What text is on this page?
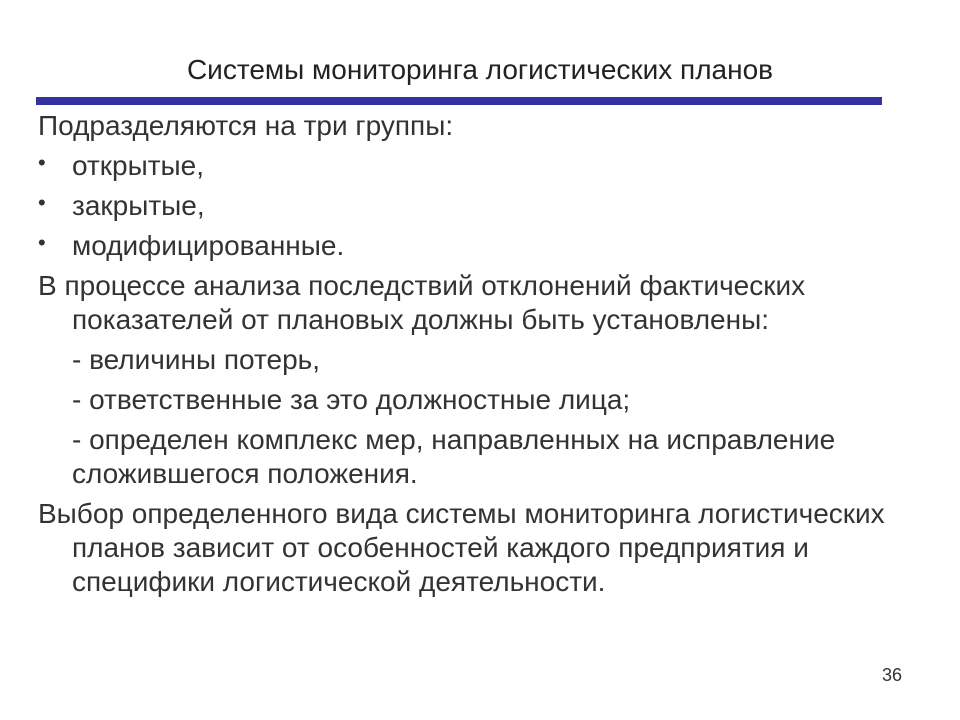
Системы мониторинга логистических планов

Подразделяются на три группы:

• открытые,
• закрытые,
• модифицированные.

В процессе анализа последствий отклонений фактических показателей от плановых должны быть установлены:

- величины потерь,
- ответственные за это должностные лица;
- определен комплекс мер, направленных на исправление сложившегося положения.

Выбор определенного вида системы мониторинга логистических планов зависит от особенностей каждого предприятия и специфики логистической деятельности.

36
